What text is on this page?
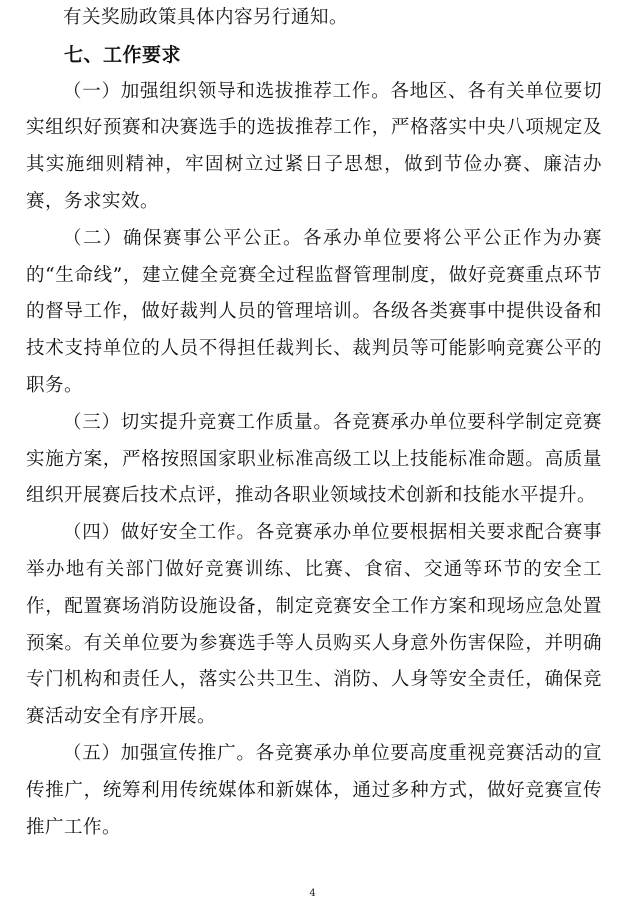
有关奖励政策具体内容另行通知。

七、工作要求

（一）加强组织领导和选拔推荐工作。各地区、各有关单位要切实组织好预赛和决赛选手的选拔推荐工作，严格落实中央八项规定及其实施细则精神，牢固树立过紧日子思想，做到节俭办赛、廉洁办赛，务求实效。

（二）确保赛事公平公正。各承办单位要将公平公正作为办赛的“生命线”，建立健全竞赛全过程监督管理制度，做好竞赛重点环节的督导工作，做好裁判人员的管理培训。各级各类赛事中提供设备和技术支持单位的人员不得担任裁判长、裁判员等可能影响竞赛公平的职务。

（三）切实提升竞赛工作质量。各竞赛承办单位要科学制定竞赛实施方案，严格按照国家职业标准高级工以上技能标准命题。高质量组织开展赛后技术点评，推动各职业领域技术创新和技能水平提升。

（四）做好安全工作。各竞赛承办单位要根据相关要求配合赛事举办地有关部门做好竞赛训练、比赛、食宿、交通等环节的安全工作，配置赛场消防设施设备，制定竞赛安全工作方案和现场应急处置预案。有关单位要为参赛选手等人员购买人身意外伤害保险，并明确专门机构和责任人，落实公共卫生、消防、人身等安全责任，确保竞赛活动安全有序开展。

（五）加强宣传推广。各竞赛承办单位要高度重视竞赛活动的宣传推广，统筹利用传统媒体和新媒体，通过多种方式，做好竞赛宣传推广工作。

4
